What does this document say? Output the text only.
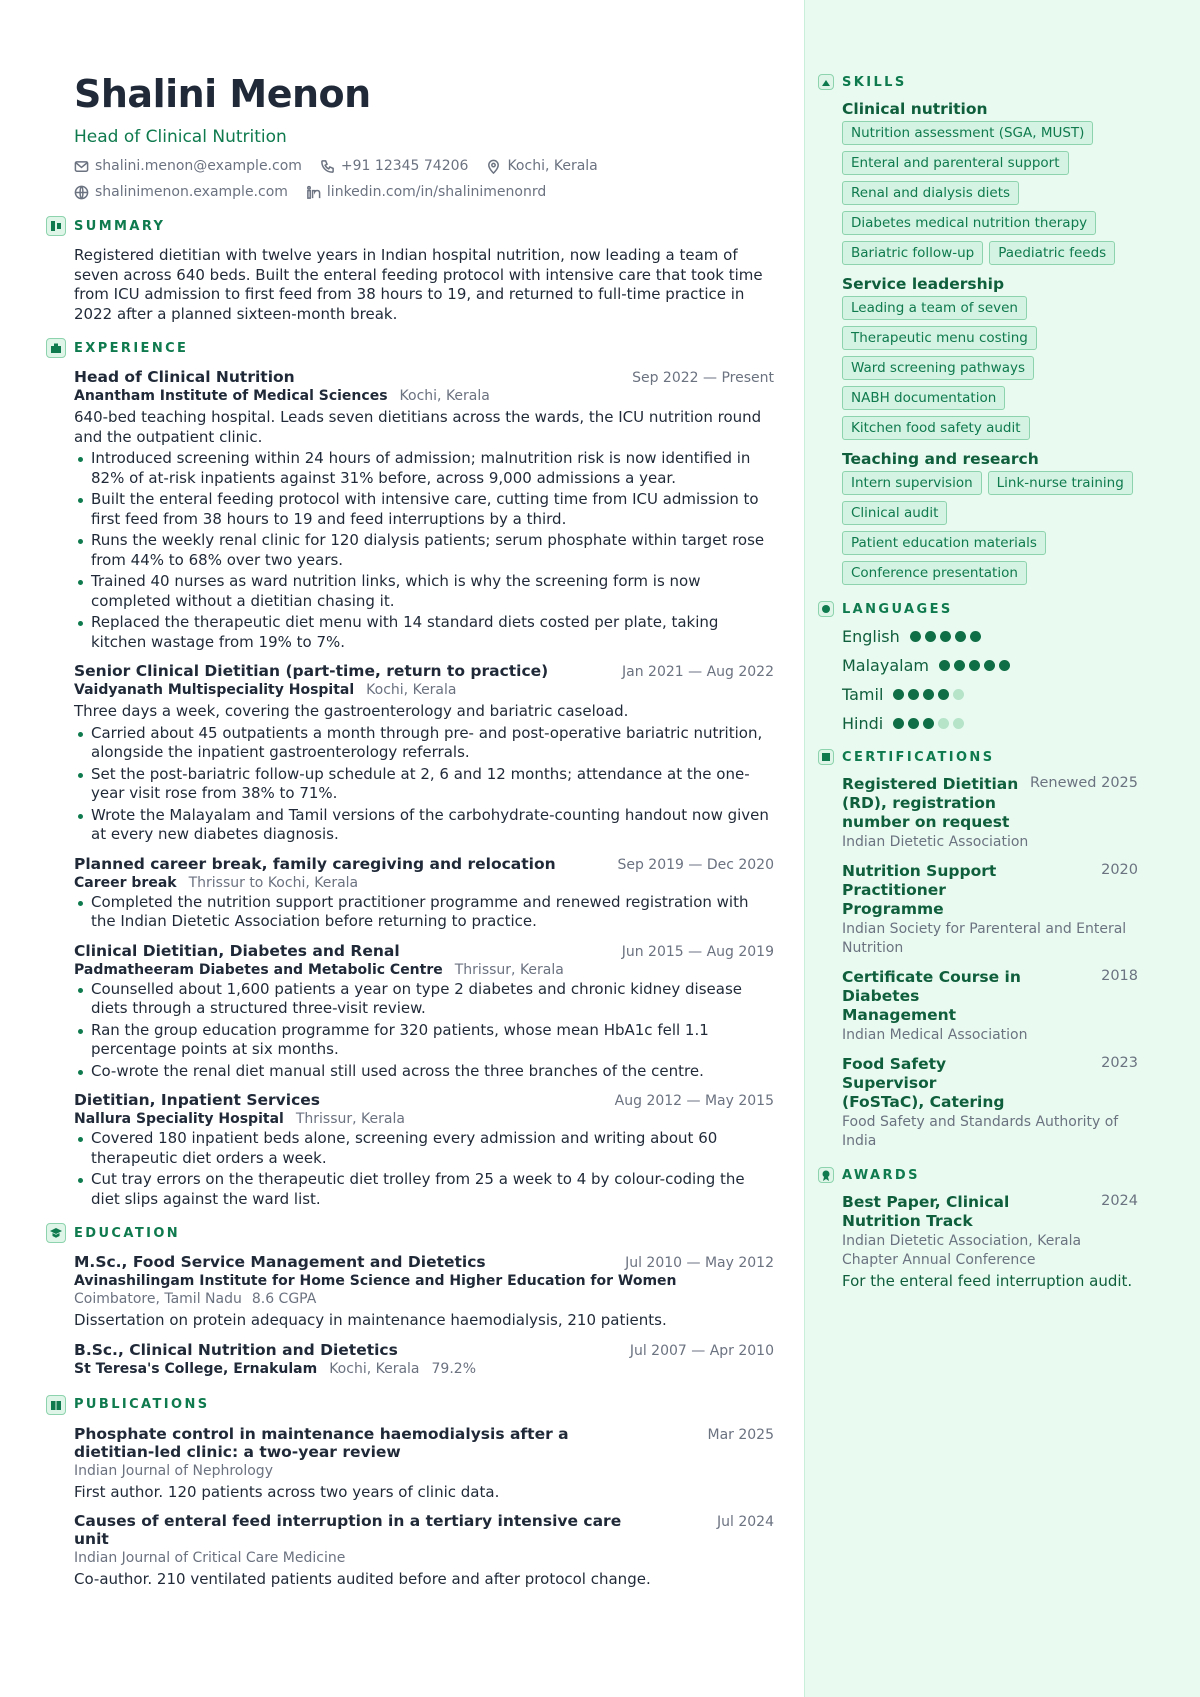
Shalini Menon
Head of Clinical Nutrition
shalini.menon@example.com	+91 12345 74206	Kochi, Kerala
shalinimenon.example.com	linkedin.com/in/shalinimenonrd
SUMMARY
Registered dietitian with twelve years in Indian hospital nutrition, now leading a team of seven across 640 beds. Built the enteral feeding protocol with intensive care that took time from ICU admission to first feed from 38 hours to 19, and returned to full-time practice in 2022 after a planned sixteen-month break.
EXPERIENCE
Head of Clinical Nutrition	Sep 2022 — Present
Anantham Institute of Medical Sciences Kochi, Kerala
640-bed teaching hospital. Leads seven dietitians across the wards, the ICU nutrition round and the outpatient clinic.
Introduced screening within 24 hours of admission; malnutrition risk is now identified in 82% of at-risk inpatients against 31% before, across 9,000 admissions a year.
Built the enteral feeding protocol with intensive care, cutting time from ICU admission to first feed from 38 hours to 19 and feed interruptions by a third.
Runs the weekly renal clinic for 120 dialysis patients; serum phosphate within target rose from 44% to 68% over two years.
Trained 40 nurses as ward nutrition links, which is why the screening form is now completed without a dietitian chasing it.
Replaced the therapeutic diet menu with 14 standard diets costed per plate, taking kitchen wastage from 19% to 7%.
Senior Clinical Dietitian (part-time, return to practice)	Jan 2021 — Aug 2022
Vaidyanath Multispeciality Hospital Kochi, Kerala
Three days a week, covering the gastroenterology and bariatric caseload.
Carried about 45 outpatients a month through pre- and post-operative bariatric nutrition, alongside the inpatient gastroenterology referrals.
Set the post-bariatric follow-up schedule at 2, 6 and 12 months; attendance at the one-year visit rose from 38% to 71%.
Wrote the Malayalam and Tamil versions of the carbohydrate-counting handout now given at every new diabetes diagnosis.
Planned career break, family caregiving and relocation	Sep 2019 — Dec 2020
Career break Thrissur to Kochi, Kerala
Completed the nutrition support practitioner programme and renewed registration with the Indian Dietetic Association before returning to practice.
Clinical Dietitian, Diabetes and Renal	Jun 2015 — Aug 2019
Padmatheeram Diabetes and Metabolic Centre Thrissur, Kerala
Counselled about 1,600 patients a year on type 2 diabetes and chronic kidney disease diets through a structured three-visit review.
Ran the group education programme for 320 patients, whose mean HbA1c fell 1.1 percentage points at six months.
Co-wrote the renal diet manual still used across the three branches of the centre.
Dietitian, Inpatient Services	Aug 2012 — May 2015
Nallura Speciality Hospital Thrissur, Kerala
Covered 180 inpatient beds alone, screening every admission and writing about 60 therapeutic diet orders a week.
Cut tray errors on the therapeutic diet trolley from 25 a week to 4 by colour-coding the diet slips against the ward list.
EDUCATION
M.Sc., Food Service Management and Dietetics	Jul 2010 — May 2012
Avinashilingam Institute for Home Science and Higher Education for Women
Coimbatore, Tamil Nadu 8.6 CGPA
Dissertation on protein adequacy in maintenance haemodialysis, 210 patients.
B.Sc., Clinical Nutrition and Dietetics	Jul 2007 — Apr 2010
St Teresa's College, Ernakulam Kochi, Kerala 79.2%
PUBLICATIONS
Phosphate control in maintenance haemodialysis after a dietitian-led clinic: a two-year review
Mar 2025
Indian Journal of Nephrology
First author. 120 patients across two years of clinic data.
Causes of enteral feed interruption in a tertiary intensive care unit
Jul 2024
Indian Journal of Critical Care Medicine
Co-author. 210 ventilated patients audited before and after protocol change.
SKILLS
Clinical nutrition
Nutrition assessment (SGA, MUST)
Enteral and parenteral support
Renal and dialysis diets
Diabetes medical nutrition therapy
Bariatric follow-up	Paediatric feeds
Service leadership
Leading a team of seven
Therapeutic menu costing
Ward screening pathways
NABH documentation
Kitchen food safety audit
Teaching and research
Intern supervision	Link-nurse training
Clinical audit
Patient education materials
Conference presentation
LANGUAGES
English
Malayalam
Tamil
Hindi
CERTIFICATIONS
Registered Dietitian (RD), registration number on request
Renewed 2025
Indian Dietetic Association
Nutrition Support Practitioner Programme
2020
Indian Society for Parenteral and Enteral Nutrition
Certificate Course in Diabetes Management
2018
Indian Medical Association
Food Safety Supervisor (FoSTaC), Catering
2023
Food Safety and Standards Authority of India
AWARDS
Best Paper, Clinical Nutrition Track
2024
Indian Dietetic Association, Kerala Chapter Annual Conference
For the enteral feed interruption audit.
